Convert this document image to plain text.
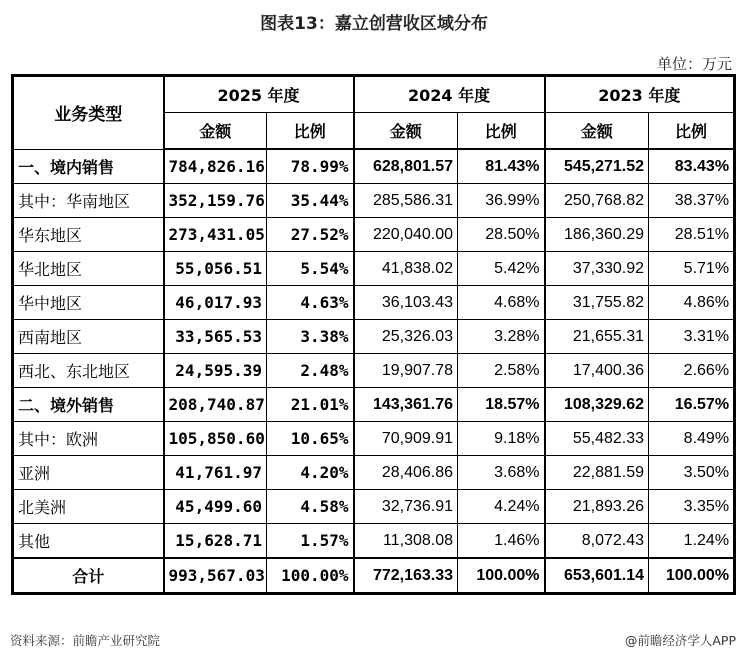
图表13：嘉立创营收区域分布
单位：万元
业务类型	2025 年度		2024 年度		2023 年度	
	金额	比例	金额	比例	金额	比例
一、境内销售	784,826.16	78.99%	628,801.57	81.43%	545,271.52	83.43%
其中：华南地区	352,159.76	35.44%	285,586.31	36.99%	250,768.82	38.37%
华东地区	273,431.05	27.52%	220,040.00	28.50%	186,360.29	28.51%
华北地区	55,056.51	5.54%	41,838.02	5.42%	37,330.92	5.71%
华中地区	46,017.93	4.63%	36,103.43	4.68%	31,755.82	4.86%
西南地区	33,565.53	3.38%	25,326.03	3.28%	21,655.31	3.31%
西北、东北地区	24,595.39	2.48%	19,907.78	2.58%	17,400.36	2.66%
二、境外销售	208,740.87	21.01%	143,361.76	18.57%	108,329.62	16.57%
其中：欧洲	105,850.60	10.65%	70,909.91	9.18%	55,482.33	8.49%
亚洲	41,761.97	4.20%	28,406.86	3.68%	22,881.59	3.50%
北美洲	45,499.60	4.58%	32,736.91	4.24%	21,893.26	3.35%
其他	15,628.71	1.57%	11,308.08	1.46%	8,072.43	1.24%
合计	993,567.03	100.00%	772,163.33	100.00%	653,601.14	100.00%
资料来源：前瞻产业研究院	@前瞻经济学人APP
